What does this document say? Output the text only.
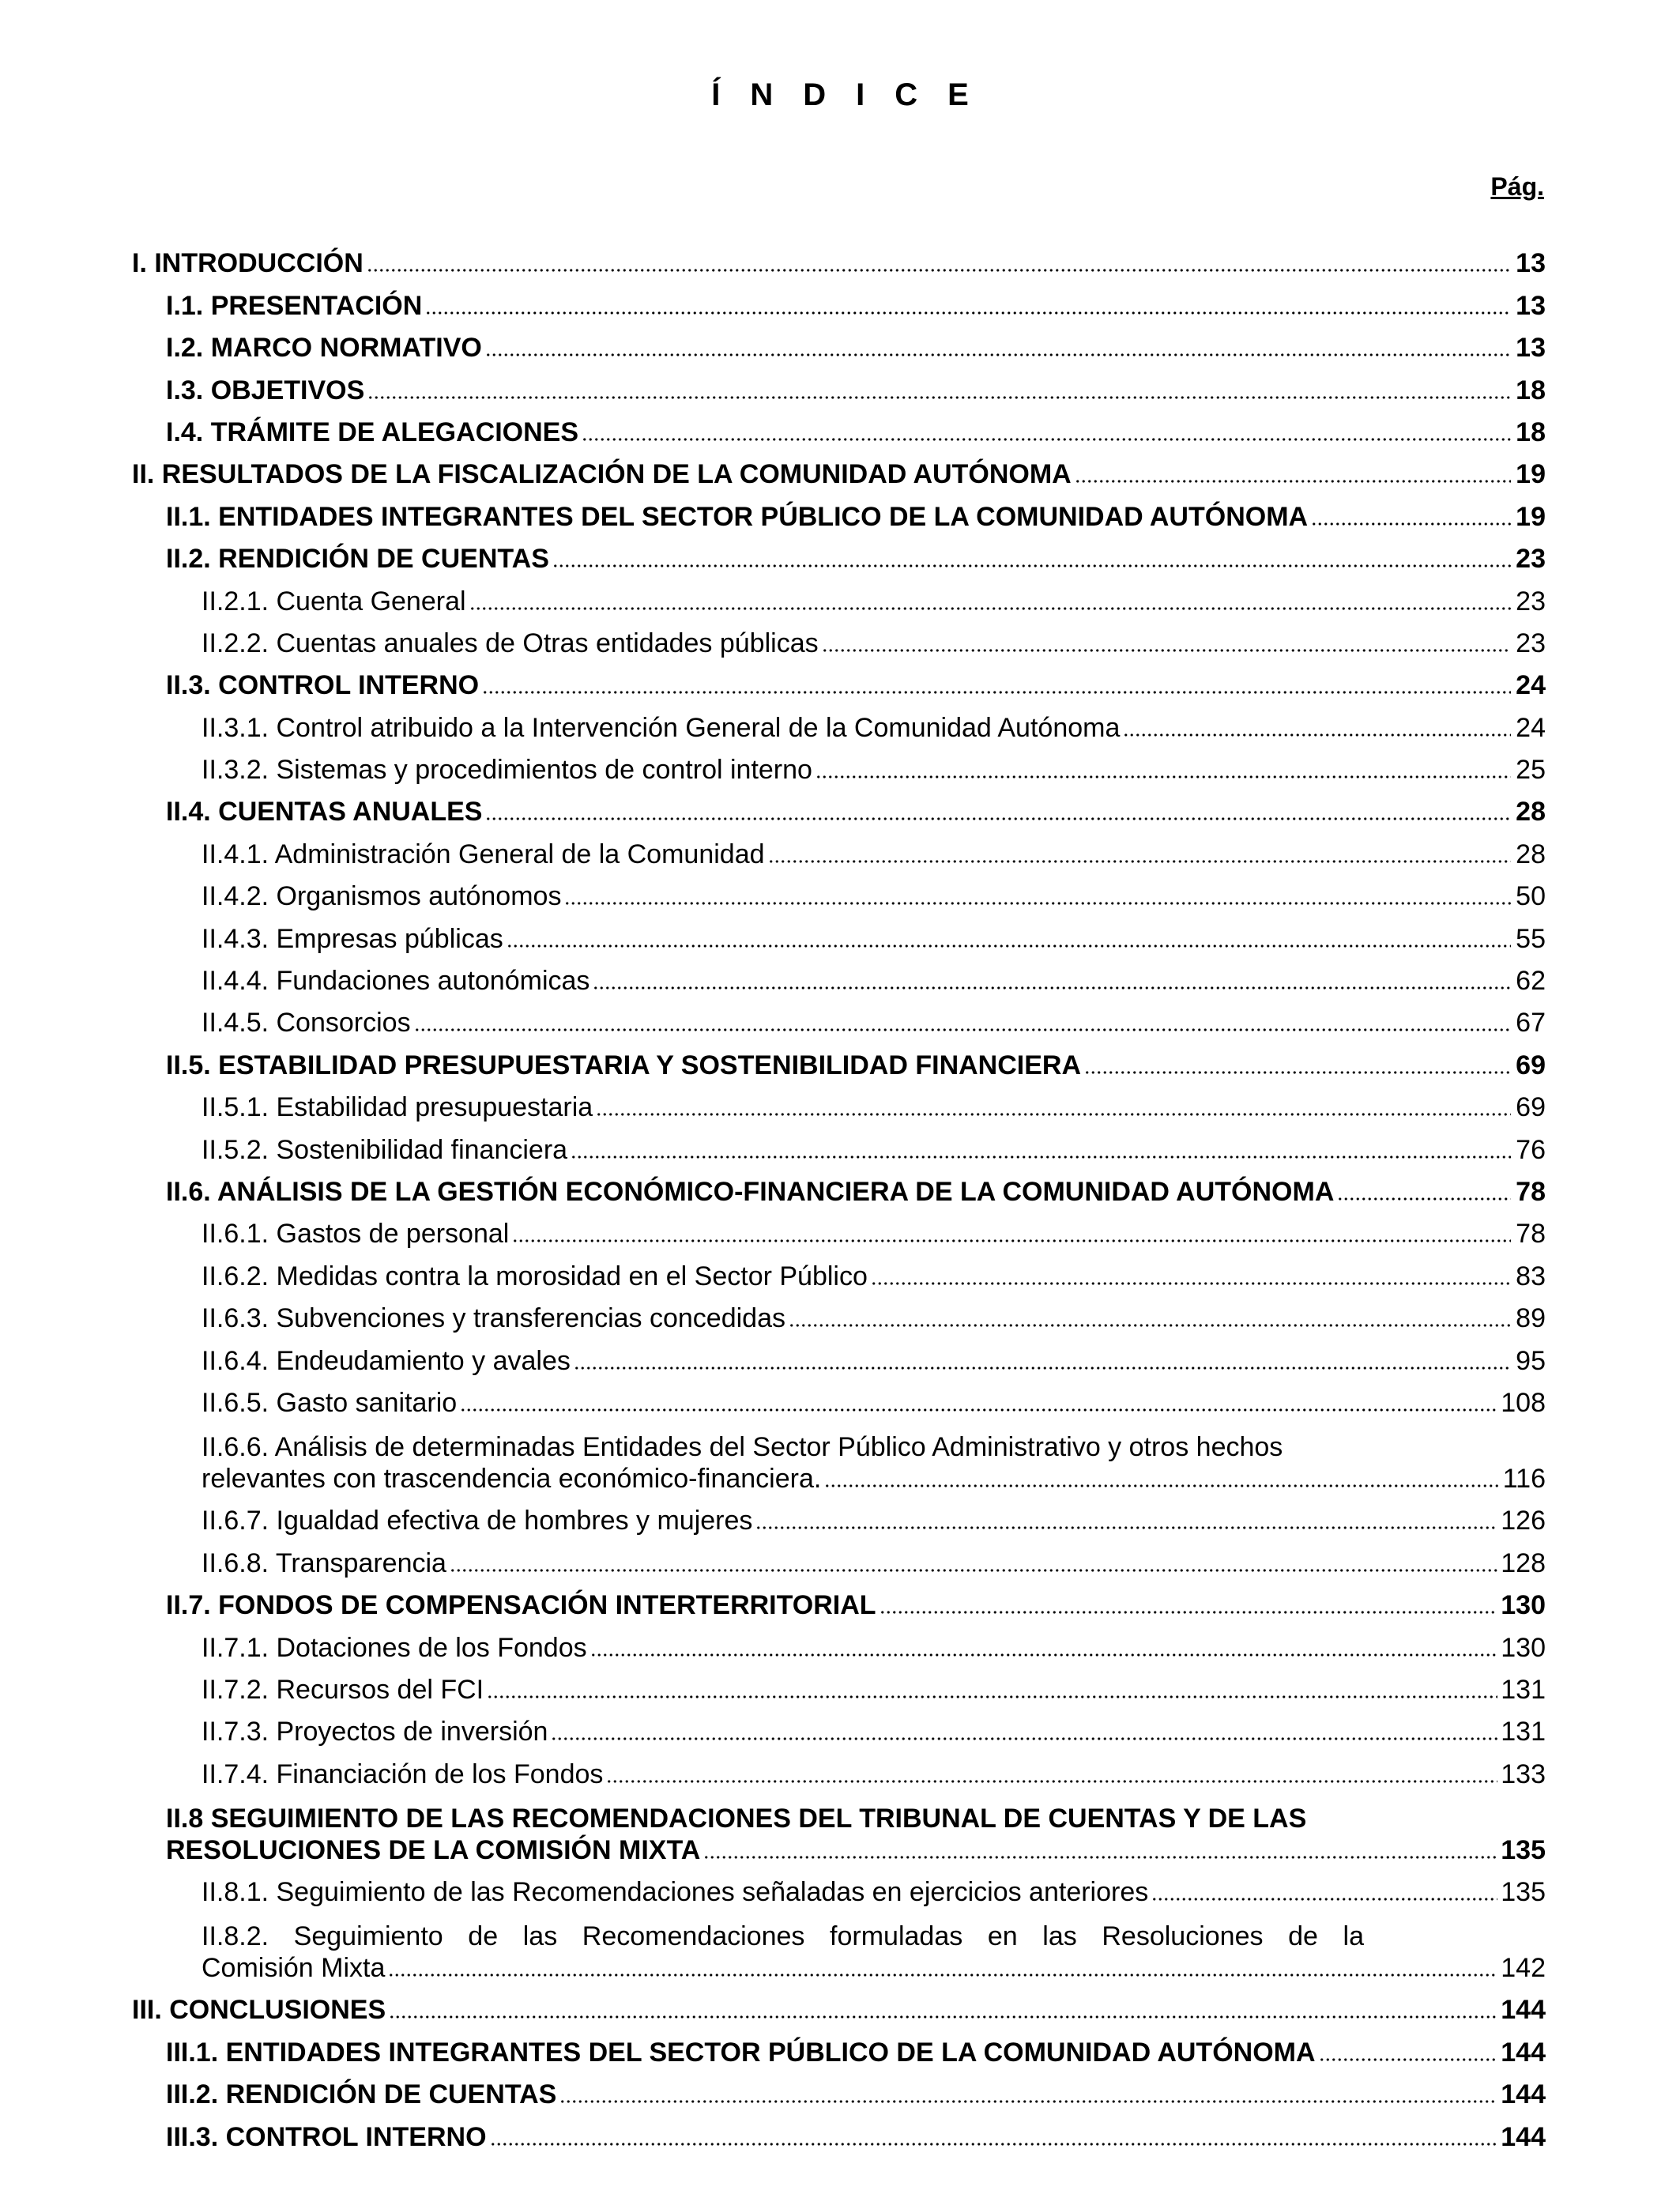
ÍNDICE
Pág.
I. INTRODUCCIÓN	13
I.1. PRESENTACIÓN	13
I.2. MARCO NORMATIVO	13
I.3. OBJETIVOS	18
I.4. TRÁMITE DE ALEGACIONES	18
II. RESULTADOS DE LA FISCALIZACIÓN DE LA COMUNIDAD AUTÓNOMA	19
II.1. ENTIDADES INTEGRANTES DEL SECTOR PÚBLICO DE LA COMUNIDAD AUTÓNOMA	19
II.2. RENDICIÓN DE CUENTAS	23
II.2.1. Cuenta General	23
II.2.2. Cuentas anuales de Otras entidades públicas	23
II.3. CONTROL INTERNO	24
II.3.1. Control atribuido a la Intervención General de la Comunidad Autónoma	24
II.3.2. Sistemas y procedimientos de control interno	25
II.4. CUENTAS ANUALES	28
II.4.1. Administración General de la Comunidad	28
II.4.2. Organismos autónomos	50
II.4.3. Empresas públicas	55
II.4.4. Fundaciones autonómicas	62
II.4.5. Consorcios	67
II.5. ESTABILIDAD PRESUPUESTARIA Y SOSTENIBILIDAD FINANCIERA	69
II.5.1. Estabilidad presupuestaria	69
II.5.2. Sostenibilidad financiera	76
II.6. ANÁLISIS DE LA GESTIÓN ECONÓMICO-FINANCIERA DE LA COMUNIDAD AUTÓNOMA	78
II.6.1. Gastos de personal	78
II.6.2. Medidas contra la morosidad en el Sector Público	83
II.6.3. Subvenciones y transferencias concedidas	89
II.6.4. Endeudamiento y avales	95
II.6.5. Gasto sanitario	108
II.6.6. Análisis de determinadas Entidades del Sector Público Administrativo y otros hechos
relevantes con trascendencia económico-financiera.	116
II.6.7. Igualdad efectiva de hombres y mujeres	126
II.6.8. Transparencia	128
II.7. FONDOS DE COMPENSACIÓN INTERTERRITORIAL	130
II.7.1. Dotaciones de los Fondos	130
II.7.2. Recursos del FCI	131
II.7.3. Proyectos de inversión	131
II.7.4. Financiación de los Fondos	133
II.8 SEGUIMIENTO DE LAS RECOMENDACIONES DEL TRIBUNAL DE CUENTAS Y DE LAS
RESOLUCIONES DE LA COMISIÓN MIXTA	135
II.8.1. Seguimiento de las Recomendaciones señaladas en ejercicios anteriores	135
II.8.2. Seguimiento de las Recomendaciones formuladas en las Resoluciones de la
Comisión Mixta	142
III. CONCLUSIONES	144
III.1. ENTIDADES INTEGRANTES DEL SECTOR PÚBLICO DE LA COMUNIDAD AUTÓNOMA	144
III.2. RENDICIÓN DE CUENTAS	144
III.3. CONTROL INTERNO	144
